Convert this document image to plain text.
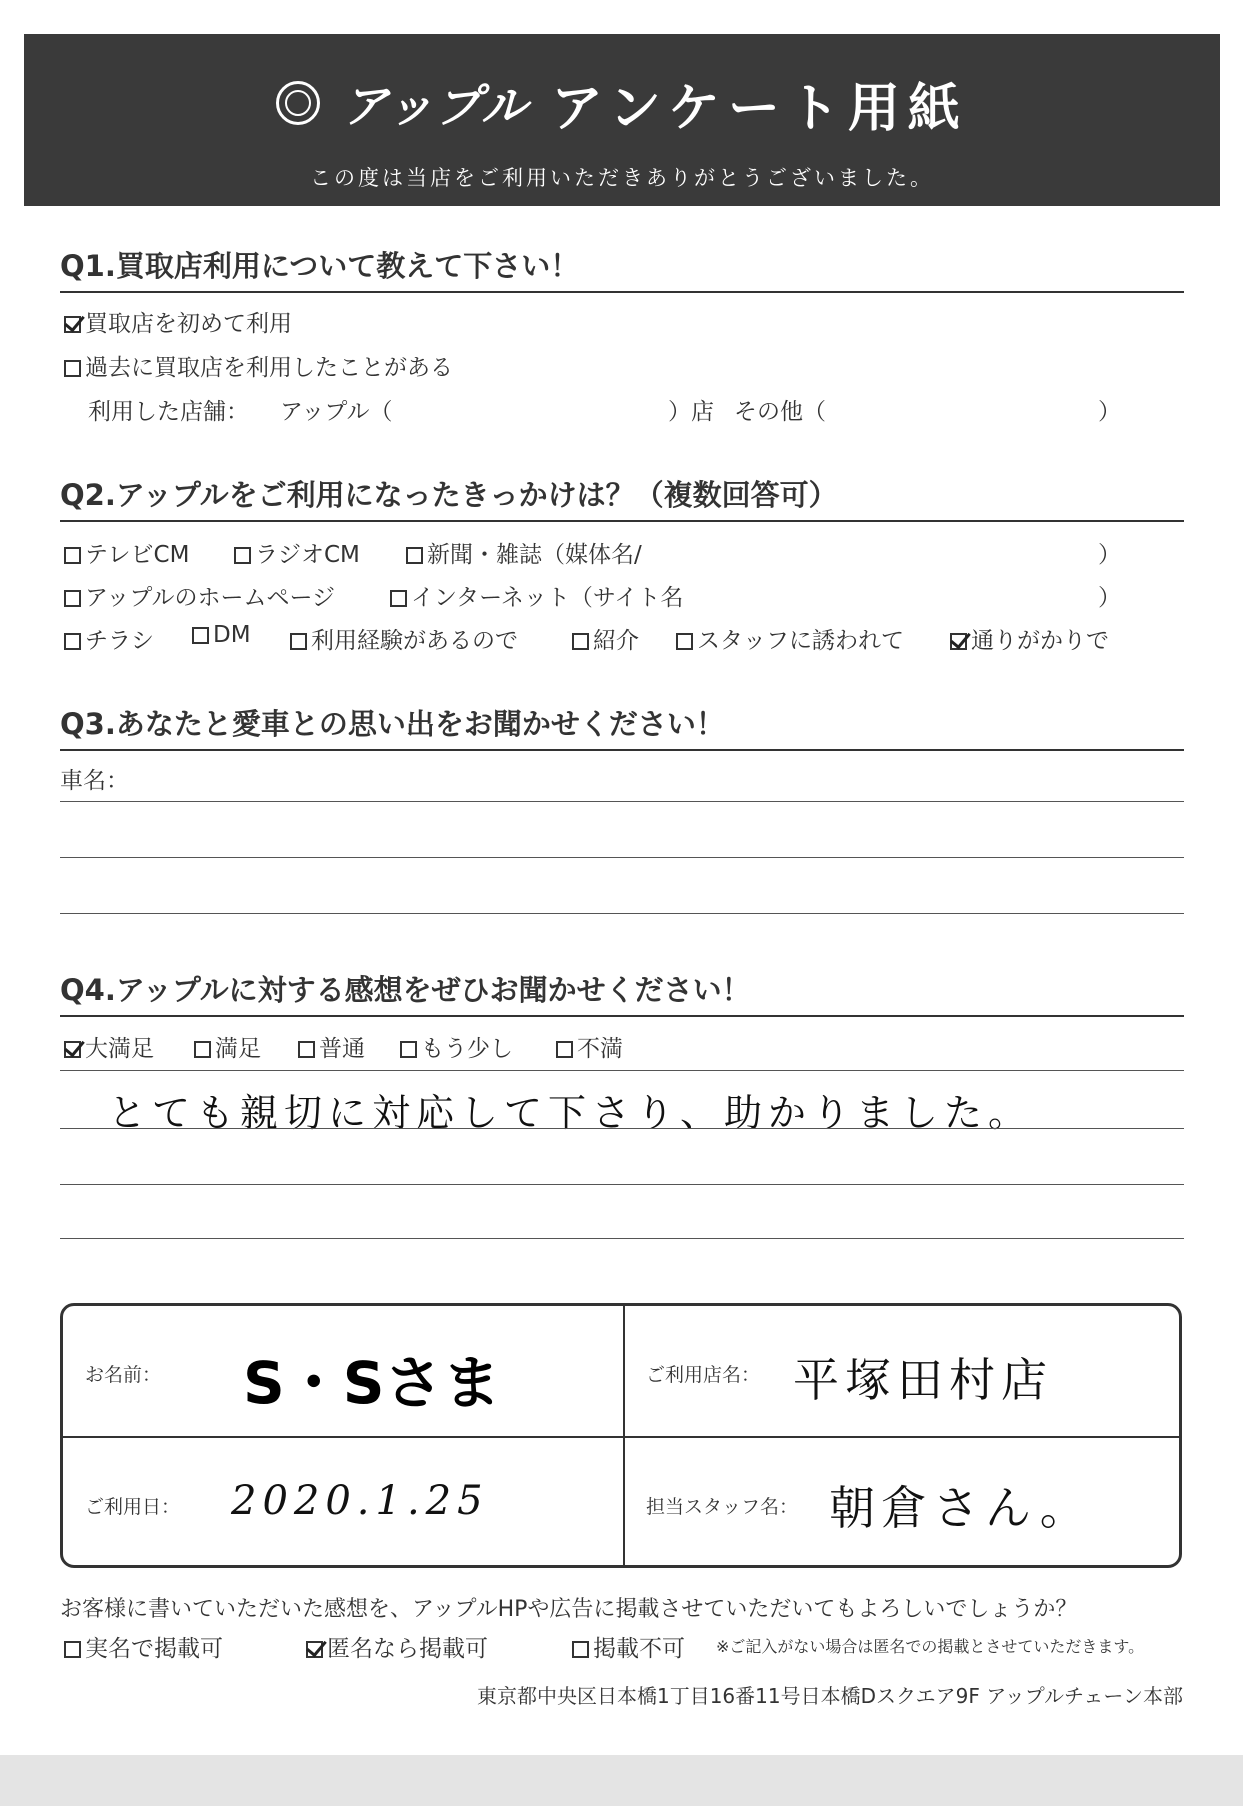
アップル アンケート用紙
この度は当店をご利用いただきありがとうございました。
Q1.買取店利用について教えて下さい！
買取店を初めて利用
過去に買取店を利用したことがある
利用した店舗： アップル（	）店 その他（	）
Q2.アップルをご利用になったきっかけは？（複数回答可）
テレビCM	ラジオCM	新聞・雑誌（媒体名/	）
アップルのホームページ	インターネット（サイト名	）
チラシ	DM	利用経験があるので	紹介	スタッフに誘われて	通りがかりで
Q3.あなたと愛車との思い出をお聞かせください！
車名：
Q4.アップルに対する感想をぜひお聞かせください！
大満足	満足	普通	もう少し	不満
とても親切に対応して下さり、助かりました。
お名前： S・Sさま	ご利用店名： 平塚田村店
ご利用日： 2020.1.25	担当スタッフ名： 朝倉さん。
お客様に書いていただいた感想を、アップルHPや広告に掲載させていただいてもよろしいでしょうか？
実名で掲載可	匿名なら掲載可	掲載不可 ※ご記入がない場合は匿名での掲載とさせていただきます。
東京都中央区日本橋1丁目16番11号日本橋Dスクエア9F アップルチェーン本部
